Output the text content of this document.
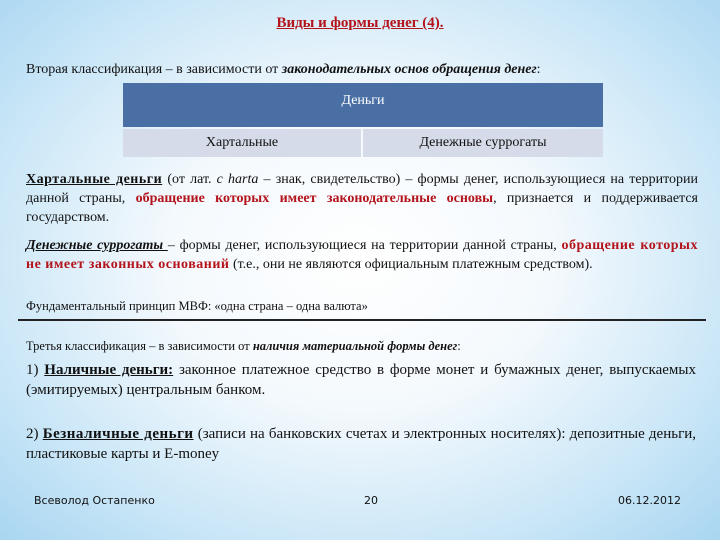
Виды и формы денег (4).
Вторая классификация – в зависимости от законодательных основ обращения денег:
Деньги
Хартальные	Денежные суррогаты
Хартальные деньги (от лат. c harta – знак, свидетельство) – формы денег, использующиеся на территории данной страны, обращение которых имеет законодательные основы, признается и поддерживается государством.
Денежные суррогаты – формы денег, использующиеся на территории данной страны, обращение которых не имеет законных оснований (т.е., они не являются официальным платежным средством).
Фундаментальный принцип МВФ: «одна страна – одна валюта»
Третья классификация – в зависимости от наличия материальной формы денег:
1) Наличные деньги: законное платежное средство в форме монет и бумажных денег, выпускаемых (эмитируемых) центральным банком.
2) Безналичные деньги (записи на банковских счетах и электронных носителях): депозитные деньги, пластиковые карты и E-money
Всеволод Остапенко	20	06.12.2012
